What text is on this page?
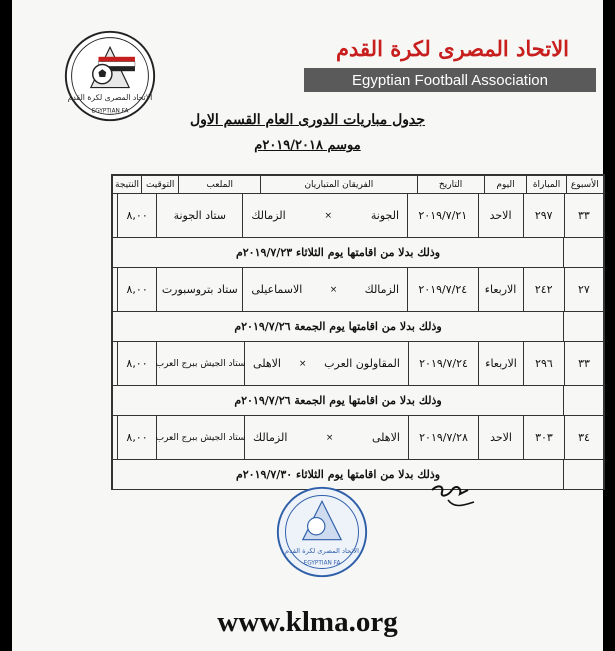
الاتحاد المصرى لكرة القدم
EGYPTIAN FA
الاتحاد المصرى لكرة القدم
Egyptian Football Association
جدول مباريات الدورى العام القسم الاول
موسم ٢٠١٩/٢٠١٨م
الأسبوع
المباراة
اليوم
التاريخ
الفريقان المتباريان
الملعب
التوقيت
النتيجة
٣٣
٢٩٧
الاحد
٢٠١٩/٧/٢١
الجونة
×
الزمالك
ستاد الجونة
٨,٠٠
وذلك بدلا من اقامتها يوم الثلاثاء ٢٠١٩/٧/٢٣م
٢٧
٢٤٢
الاربعاء
٢٠١٩/٧/٢٤
الزمالك
×
الاسماعيلى
ستاد بتروسبورت
٨,٠٠
وذلك بدلا من اقامتها يوم الجمعة ٢٠١٩/٧/٢٦م
٣٣
٢٩٦
الاربعاء
٢٠١٩/٧/٢٤
المقاولون العرب
×
الاهلى
ستاد الجيش ببرج العرب
٨,٠٠
وذلك بدلا من اقامتها يوم الجمعة ٢٠١٩/٧/٢٦م
٣٤
٣٠٣
الاحد
٢٠١٩/٧/٢٨
الاهلى
×
الزمالك
ستاد الجيش ببرج العرب
٨,٠٠
وذلك بدلا من اقامتها يوم الثلاثاء ٢٠١٩/٧/٣٠م
الاتحاد المصرى لكرة القدم
EGYPTIAN FA
www.klma.org
